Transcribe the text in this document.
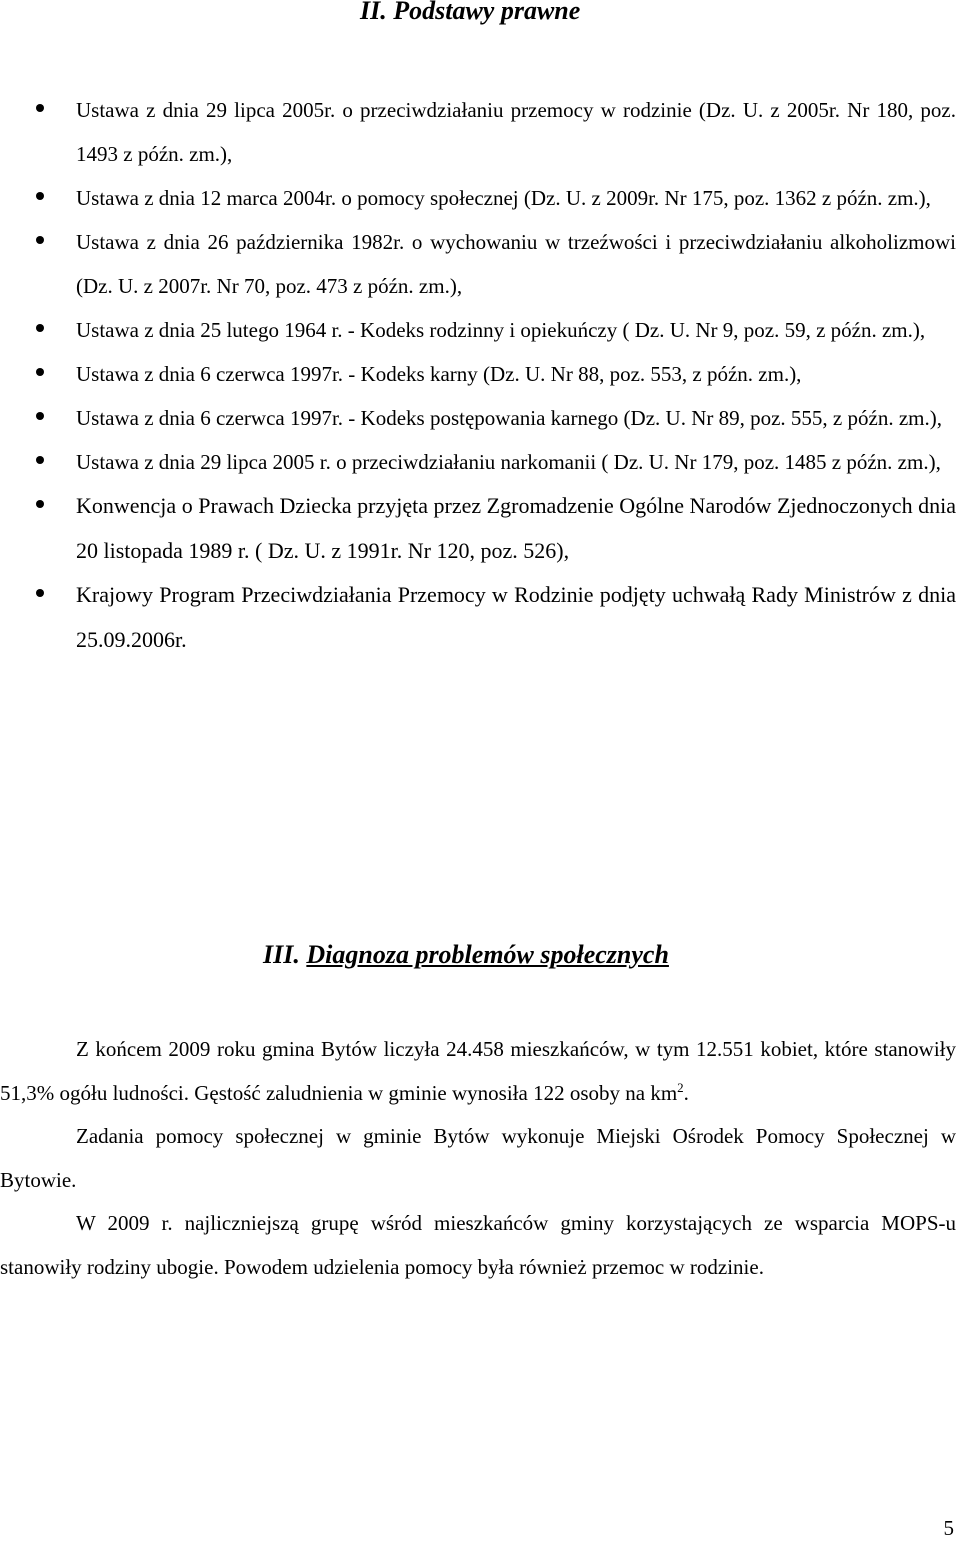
II. Podstawy prawne
Ustawa z dnia 29 lipca 2005r. o przeciwdziałaniu przemocy w rodzinie (Dz. U. z 2005r. Nr 180, poz. 1493 z późn. zm.),
Ustawa z dnia 12 marca 2004r. o pomocy społecznej (Dz. U. z 2009r. Nr 175, poz. 1362 z późn. zm.),
Ustawa z dnia 26 października 1982r. o wychowaniu w trzeźwości i przeciwdziałaniu alkoholizmowi (Dz. U. z 2007r. Nr 70, poz. 473 z późn. zm.),
Ustawa z dnia 25 lutego 1964 r. - Kodeks rodzinny i opiekuńczy ( Dz. U. Nr 9, poz. 59, z późn. zm.),
Ustawa z dnia 6 czerwca 1997r. - Kodeks karny (Dz. U. Nr 88, poz. 553, z późn. zm.),
Ustawa z dnia 6 czerwca 1997r. - Kodeks postępowania karnego (Dz. U. Nr 89, poz. 555, z późn. zm.),
Ustawa z dnia 29 lipca 2005 r. o przeciwdziałaniu narkomanii ( Dz. U. Nr 179, poz. 1485 z późn. zm.),
Konwencja o Prawach Dziecka przyjęta przez Zgromadzenie Ogólne Narodów Zjednoczonych dnia 20 listopada 1989 r. ( Dz. U. z 1991r. Nr 120, poz. 526),
Krajowy Program Przeciwdziałania Przemocy w Rodzinie podjęty uchwałą Rady Ministrów z dnia 25.09.2006r.
III. Diagnoza problemów społecznych

Z końcem 2009 roku gmina Bytów liczyła 24.458 mieszkańców, w tym 12.551 kobiet, które stanowiły 51,3% ogółu ludności. Gęstość zaludnienia w gminie wynosiła 122 osoby na $km^2$.

Zadania pomocy społecznej w gminie Bytów wykonuje Miejski Ośrodek Pomocy Społecznej w Bytowie.

W 2009 r. najliczniejszą grupę wśród mieszkańców gminy korzystających ze wsparcia MOPS-u stanowiły rodziny ubogie. Powodem udzielenia pomocy była również przemoc w rodzinie.

5
